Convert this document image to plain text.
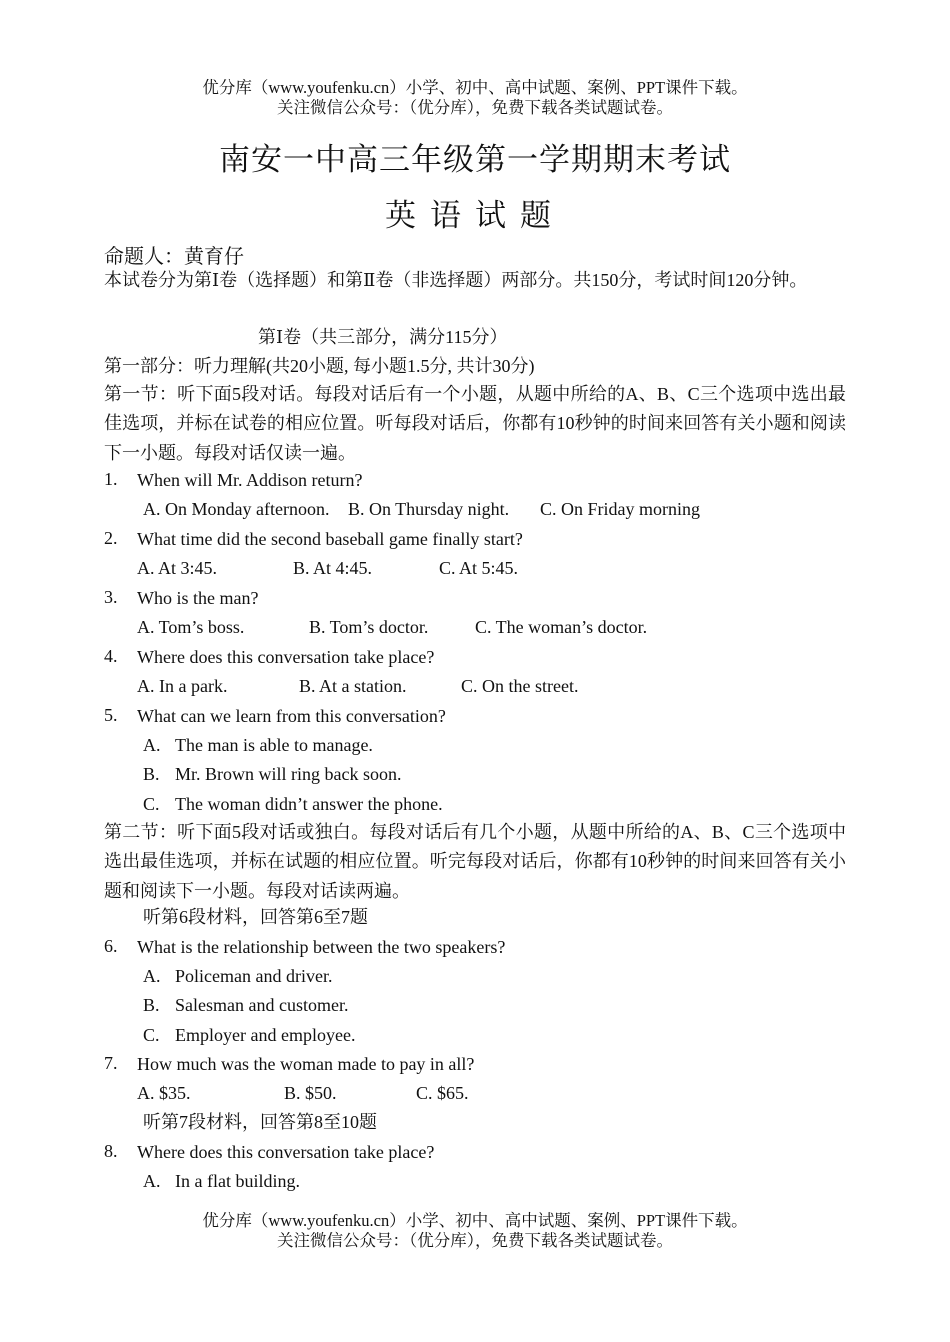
优分库（www.youfenku.cn）小学、初中、高中试题、案例、PPT课件下载。
关注微信公众号：（优分库），免费下载各类试题试卷。
南安一中高三年级第一学期期末考试
英语试题
命题人：黄育仔
本试卷分为第Ⅰ卷（选择题）和第Ⅱ卷（非选择题）两部分。共150分，考试时间120分钟。
第Ⅰ卷（共三部分，满分115分）
第一部分：听力理解(共20小题, 每小题1.5分, 共计30分)
第一节：听下面5段对话。每段对话后有一个小题，从题中所给的A、B、C三个选项中选出最佳选项，并标在试卷的相应位置。听每段对话后，你都有10秒钟的时间来回答有关小题和阅读下一小题。每段对话仅读一遍。
1. When will Mr. Addison return?
A. On Monday afternoon. B. On Thursday night. C. On Friday morning
2. What time did the second baseball game finally start?
A. At 3:45.	B. At 4:45.	C. At 5:45.
3. Who is the man?
A. Tom’s boss.	B. Tom’s doctor.	C. The woman’s doctor.
4. Where does this conversation take place?
A. In a park.	B. At a station.	C. On the street.
5. What can we learn from this conversation?
A. The man is able to manage.
B. Mr. Brown will ring back soon.
C. The woman didn’t answer the phone.
第二节：听下面5段对话或独白。每段对话后有几个小题，从题中所给的A、B、C三个选项中选出最佳选项，并标在试题的相应位置。听完每段对话后，你都有10秒钟的时间来回答有关小题和阅读下一小题。每段对话读两遍。
听第6段材料，回答第6至7题
6. What is the relationship between the two speakers?
A. Policeman and driver.
B. Salesman and customer.
C. Employer and employee.
7. How much was the woman made to pay in all?
A. $35.	B. $50.	C. $65.
听第7段材料，回答第8至10题
8. Where does this conversation take place?
A. In a flat building.
优分库（www.youfenku.cn）小学、初中、高中试题、案例、PPT课件下载。
关注微信公众号：（优分库），免费下载各类试题试卷。
